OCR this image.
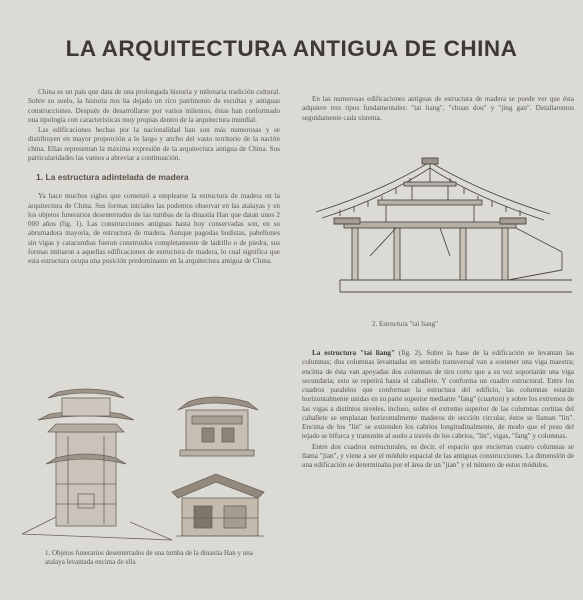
LA ARQUITECTURA ANTIGUA DE CHINA

China es un país que data de una prolongada historia y milenaria tradición cultural. Sobre su suelo, la historia nos ha dejado un rico patrimonio de escultas y antiguas construcciones. Después de desarrollarse por varios milenios, éstas han conformado una tipología con características muy propias dentro de la arquitectura mundial.

Las edificaciones hechas por la nacionalidad han son más numerosas y se distribuyen en mayor proporción a lo largo y ancho del vasto territorio de la nación china. Ellas representan la máxima expresión de la arquitectura antigua de China. Sus particularidades las vamos a abreviar a continuación.

1. La estructura adintelada de madera

Ya hace muchos siglos que comenzó a emplearse la estructura de madera en la arquitectura de China. Sus formas iniciales las podemos observar en las atalayas y en los objetos funerarios desenterrados de las tumbas de la dinastía Han que datan unos 2 000 años (fig. 1). Las construcciones antiguas hasta hoy conservadas son, en su abrumadora mayoría, de estructura de madera. Aunque pagodas budistas, pabellones sin vigas y catacumbas fueron construidos completamente de ladrillo o de piedra, sus formas imitaron a aquellas edificaciones de estructura de madera, lo cual significa que esta estructura ocupa una posición predominante en la arquitectura antigua de China.

1. Objetos funerarios desenterrados de una tumba de la dinastía Han y una atalaya levantada encima de ella

En las numerosas edificaciones antiguas de estructura de madera se puede ver que ésta adquiere tres tipos fundamentales: "tai liang", "chuan dou" y "jing gan". Detallaremos seguidamente cada sistema.

2. Estructura "tai liang"

La estructura "tai liang" (fig. 2). Sobre la base de la edificación se levantan las columnas; dos columnas levantadas en sentido transversal van a sostener una viga maestra; encima de ésta van apoyadas dos columnas de tiro corto que a su vez soportarán una viga secundaria; esto se repetirá hasta el caballete. Y conforma un cuadro estructural. Entre los cuadros paralelos que conforman la estructura del edificio, las columnas estarán horizontalmente unidas en su parte superior mediante "fang" (cuarton) y sobre los extremos de las vigas a distintos niveles, incluso, sobre el extremo superior de las columnas cortitas del caballete se emplazan horizontalmente maderos de sección circular, éstos se llaman "lin". Encima de los "lin" se extienden los cabrios longitudinalmente, de modo que el peso del tejado se bifurca y transmite al suelo a través de los cabrios, "lin", vigas, "fang" y columnas.

Entre dos cuadros estructurales, es decir, el espacio que encierran cuatro columnas se llama "jian", y viene a ser el módulo espacial de las antiguas construcciones. La dimensión de una edificación se determinaba por el área de un "jian" y el número de estos módulos.
